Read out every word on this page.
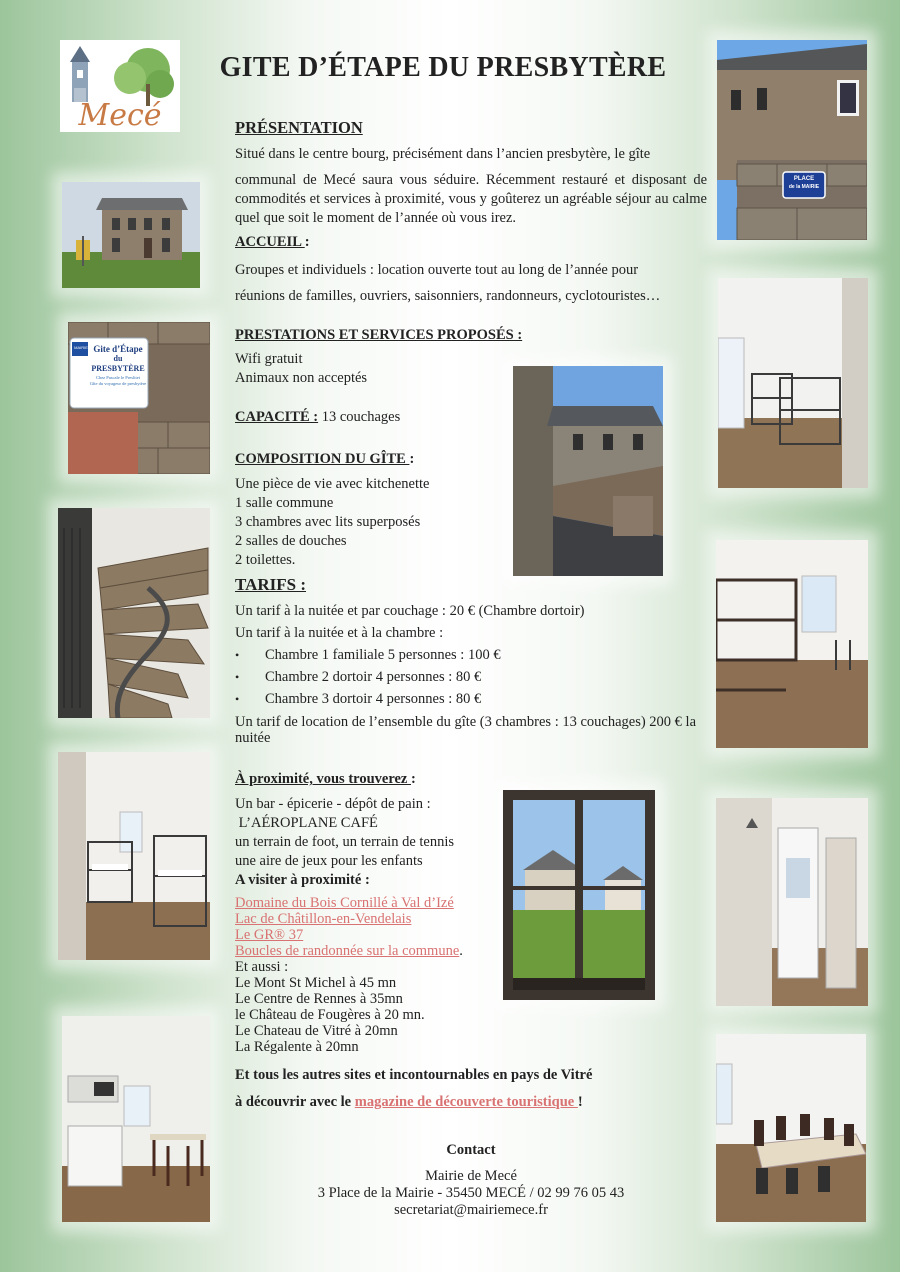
Mecé
GITE D’ÉTAPE DU PRESBYTÈRE
MAIRIE Gite d’Étape
du PRESBYTÈRE
Chez Pascale le Preslitet
Gîte du voyageur de presbytère
PLACE
de la MAIRIE

PRÉSENTATION

Situé dans le centre bourg, précisément dans l’ancien presbytère, le gîte

communal de Mecé saura vous séduire. Récemment restauré et disposant de commodités et services à proximité, vous y goûterez un agréable séjour au calme quel que soit le moment de l’année où vous irez.

ACCUEIL :

Groupes et individuels : location ouverte tout au long de l’année pour

réunions de familles, ouvriers, saisonniers, randonneurs, cyclotouristes…

PRESTATIONS ET SERVICES PROPOSÉS :

Wifi gratuit

Animaux non acceptés

CAPACITÉ : 13 couchages

COMPOSITION DU GÎTE :

Une pièce de vie avec kitchenette

1 salle commune

3 chambres avec lits superposés

2 salles de douches

2 toilettes.

TARIFS :

Un tarif à la nuitée et par couchage : 20 € (Chambre dortoir)

Un tarif à la nuitée et à la chambre :

• Chambre 1 familiale 5 personnes : 100 €
• Chambre 2 dortoir 4 personnes : 80 €
• Chambre 3 dortoir 4 personnes : 80 €

Un tarif de location de l’ensemble du gîte (3 chambres : 13 couchages) 200 € la nuitée

À proximité, vous trouverez :

Un bar - épicerie - dépôt de pain :

L’AÉROPLANE CAFÉ

un terrain de foot, un terrain de tennis

une aire de jeux pour les enfants

A visiter à proximité :

Domaine du Bois Cornillé à Val d’Izé

Lac de Châtillon-en-Vendelais

Le GR® 37

Boucles de randonnée sur la commune.

Et aussi :

Le Mont St Michel à 45 mn

Le Centre de Rennes à 35mn

le Château de Fougères à 20 mn.

Le Chateau de Vitré à 20mn

La Régalente à 20mn

Et tous les autres sites et incontournables en pays de Vitré

à découvrir avec le magazine de découverte touristique !

Contact

Mairie de Mecé

3 Place de la Mairie - 35450 MECÉ / 02 99 76 05 43

secretariat@mairiemece.fr
